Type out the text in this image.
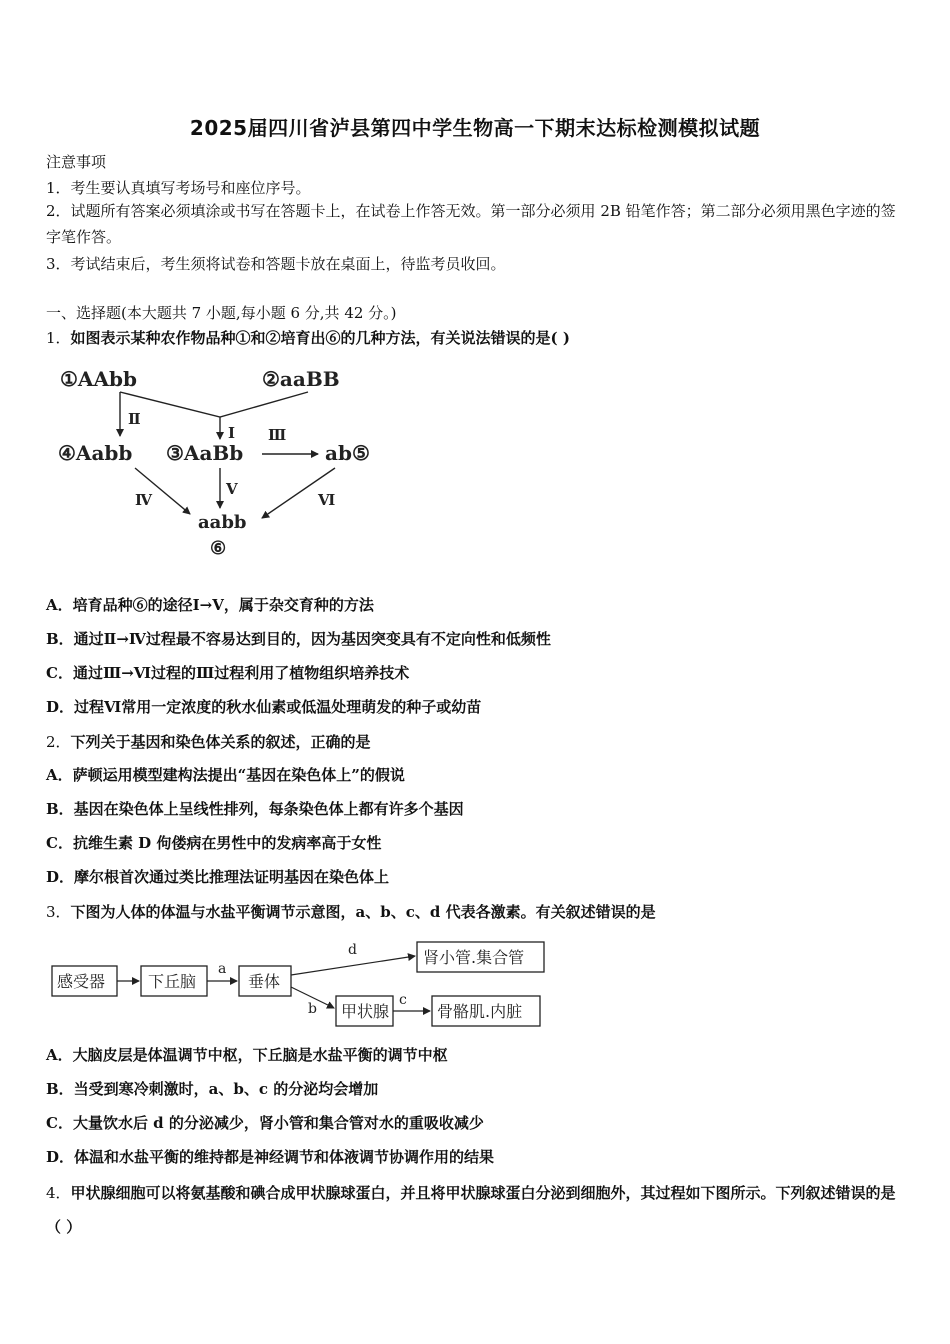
2025届四川省泸县第四中学生物高一下期末达标检测模拟试题
注意事项
1．考生要认真填写考场号和座位序号。
2．试题所有答案必须填涂或书写在答题卡上，在试卷上作答无效。第一部分必须用 2B 铅笔作答；第二部分必须用黑色字迹的签字笔作答。
3．考试结束后，考生须将试卷和答题卡放在桌面上，待监考员收回。
一、选择题(本大题共 7 小题,每小题 6 分,共 42 分。)
1．如图表示某种农作物品种①和②培育出⑥的几种方法，有关说法错误的是( )
①AAbb	②aaBB
④Aabb ③AaBb	ab⑤
aabb
⑥
Ⅱ
Ⅰ Ⅲ
Ⅳ
Ⅴ
Ⅵ
A．培育品种⑥的途径Ⅰ→Ⅴ，属于杂交育种的方法
B．通过Ⅱ→Ⅳ过程最不容易达到目的，因为基因突变具有不定向性和低频性
C．通过Ⅲ→Ⅵ过程的Ⅲ过程利用了植物组织培养技术
D．过程Ⅵ常用一定浓度的秋水仙素或低温处理萌发的种子或幼苗
2．下列关于基因和染色体关系的叙述，正确的是
A．萨顿运用模型建构法提出“基因在染色体上”的假说
B．基因在染色体上呈线性排列，每条染色体上都有许多个基因
C．抗维生素 D 佝偻病在男性中的发病率高于女性
D．摩尔根首次通过类比推理法证明基因在染色体上
3．下图为人体的体温与水盐平衡调节示意图，a、b、c、d 代表各激素。有关叙述错误的是
感受器	下丘脑	垂体
肾小管.集合管
甲状腺	骨骼肌.内脏
a
d
b
c
A．大脑皮层是体温调节中枢，下丘脑是水盐平衡的调节中枢
B．当受到寒冷刺激时，a、b、c 的分泌均会增加
C．大量饮水后 d 的分泌减少，肾小管和集合管对水的重吸收减少
D．体温和水盐平衡的维持都是神经调节和体液调节协调作用的结果
4．甲状腺细胞可以将氨基酸和碘合成甲状腺球蛋白，并且将甲状腺球蛋白分泌到细胞外，其过程如下图所示。下列叙述错误的是（ ）
